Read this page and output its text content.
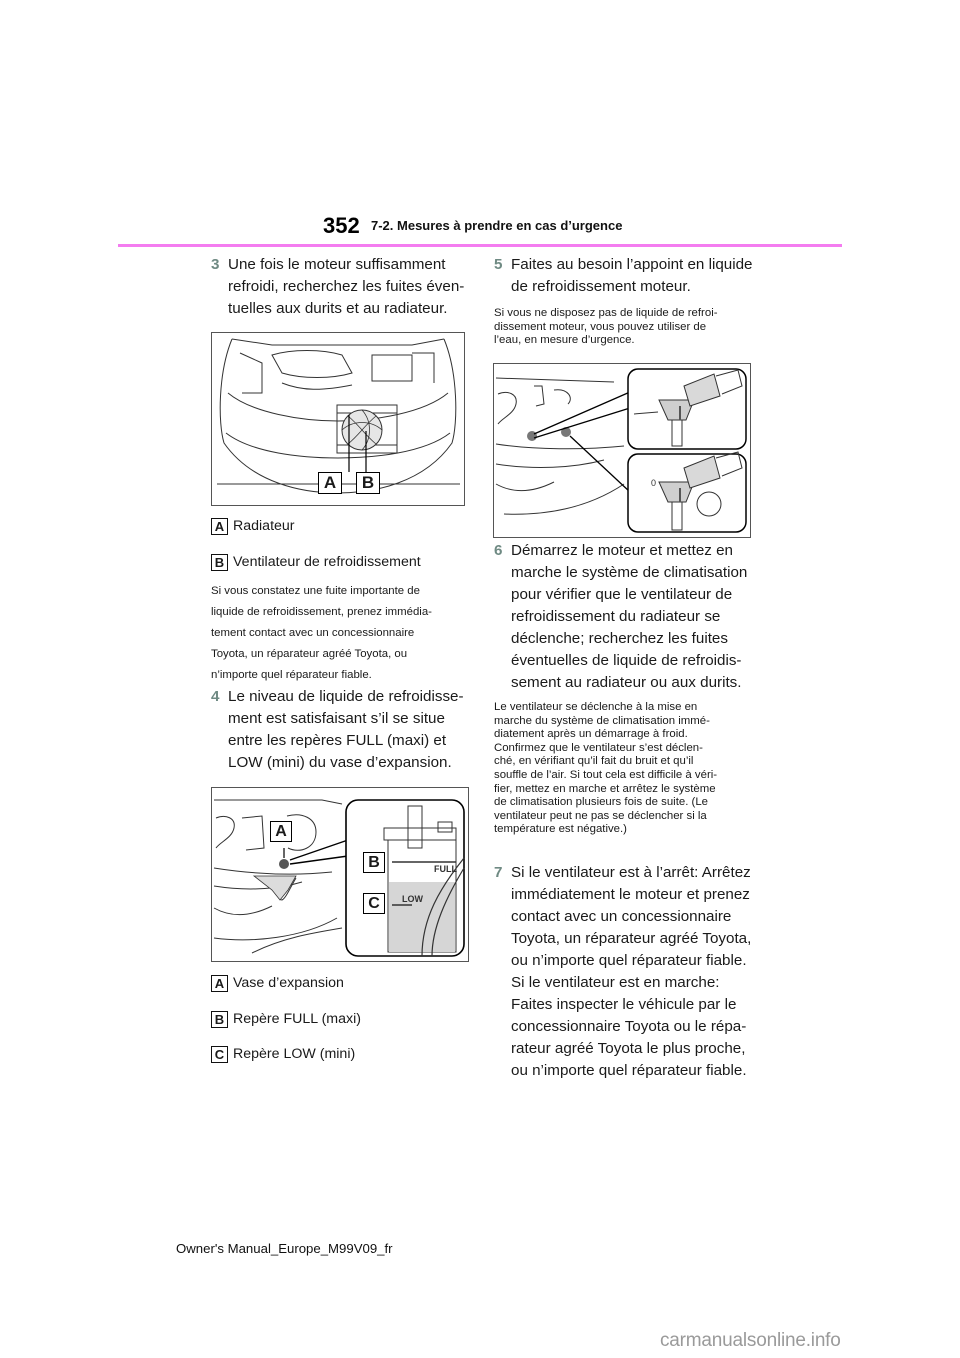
352 7-2. Mesures à prendre en cas d’urgence
3 Une fois le moteur suffisamment
refroidi, recherchez les fuites éven-
tuelles aux durits et au radiateur.
A	B
A Radiateur
B Ventilateur de refroidissement
Si vous constatez une fuite importante de
liquide de refroidissement, prenez immédia-
tement contact avec un concessionnaire
Toyota, un réparateur agréé Toyota, ou
n’importe quel réparateur fiable.
4 Le niveau de liquide de refroidisse-
ment est satisfaisant s’il se situe
entre les repères FULL (maxi) et
LOW (mini) du vase d’expansion.
FULL
LOW
A
B
C
A Vase d’expansion
B Repère FULL (maxi)
C Repère LOW (mini)
5 Faites au besoin l’appoint en liquide
de refroidissement moteur.
Si vous ne disposez pas de liquide de refroi-
dissement moteur, vous pouvez utiliser de
l’eau, en mesure d’urgence.
0
6 Démarrez le moteur et mettez en
marche le système de climatisation
pour vérifier que le ventilateur de
refroidissement du radiateur se
déclenche; recherchez les fuites
éventuelles de liquide de refroidis-
sement au radiateur ou aux durits.
Le ventilateur se déclenche à la mise en
marche du système de climatisation immé-
diatement après un démarrage à froid.
Confirmez que le ventilateur s’est déclen-
ché, en vérifiant qu’il fait du bruit et qu’il
souffle de l’air. Si tout cela est difficile à véri-
fier, mettez en marche et arrêtez le système
de climatisation plusieurs fois de suite. (Le
ventilateur peut ne pas se déclencher si la
température est négative.)
7 Si le ventilateur est à l’arrêt: Arrêtez
immédiatement le moteur et prenez
contact avec un concessionnaire
Toyota, un réparateur agréé Toyota,
ou n’importe quel réparateur fiable.
Si le ventilateur est en marche:
Faites inspecter le véhicule par le
concessionnaire Toyota ou le répa-
rateur agréé Toyota le plus proche,
ou n’importe quel réparateur fiable.
Owner's Manual_Europe_M99V09_fr
carmanualsonline.info
